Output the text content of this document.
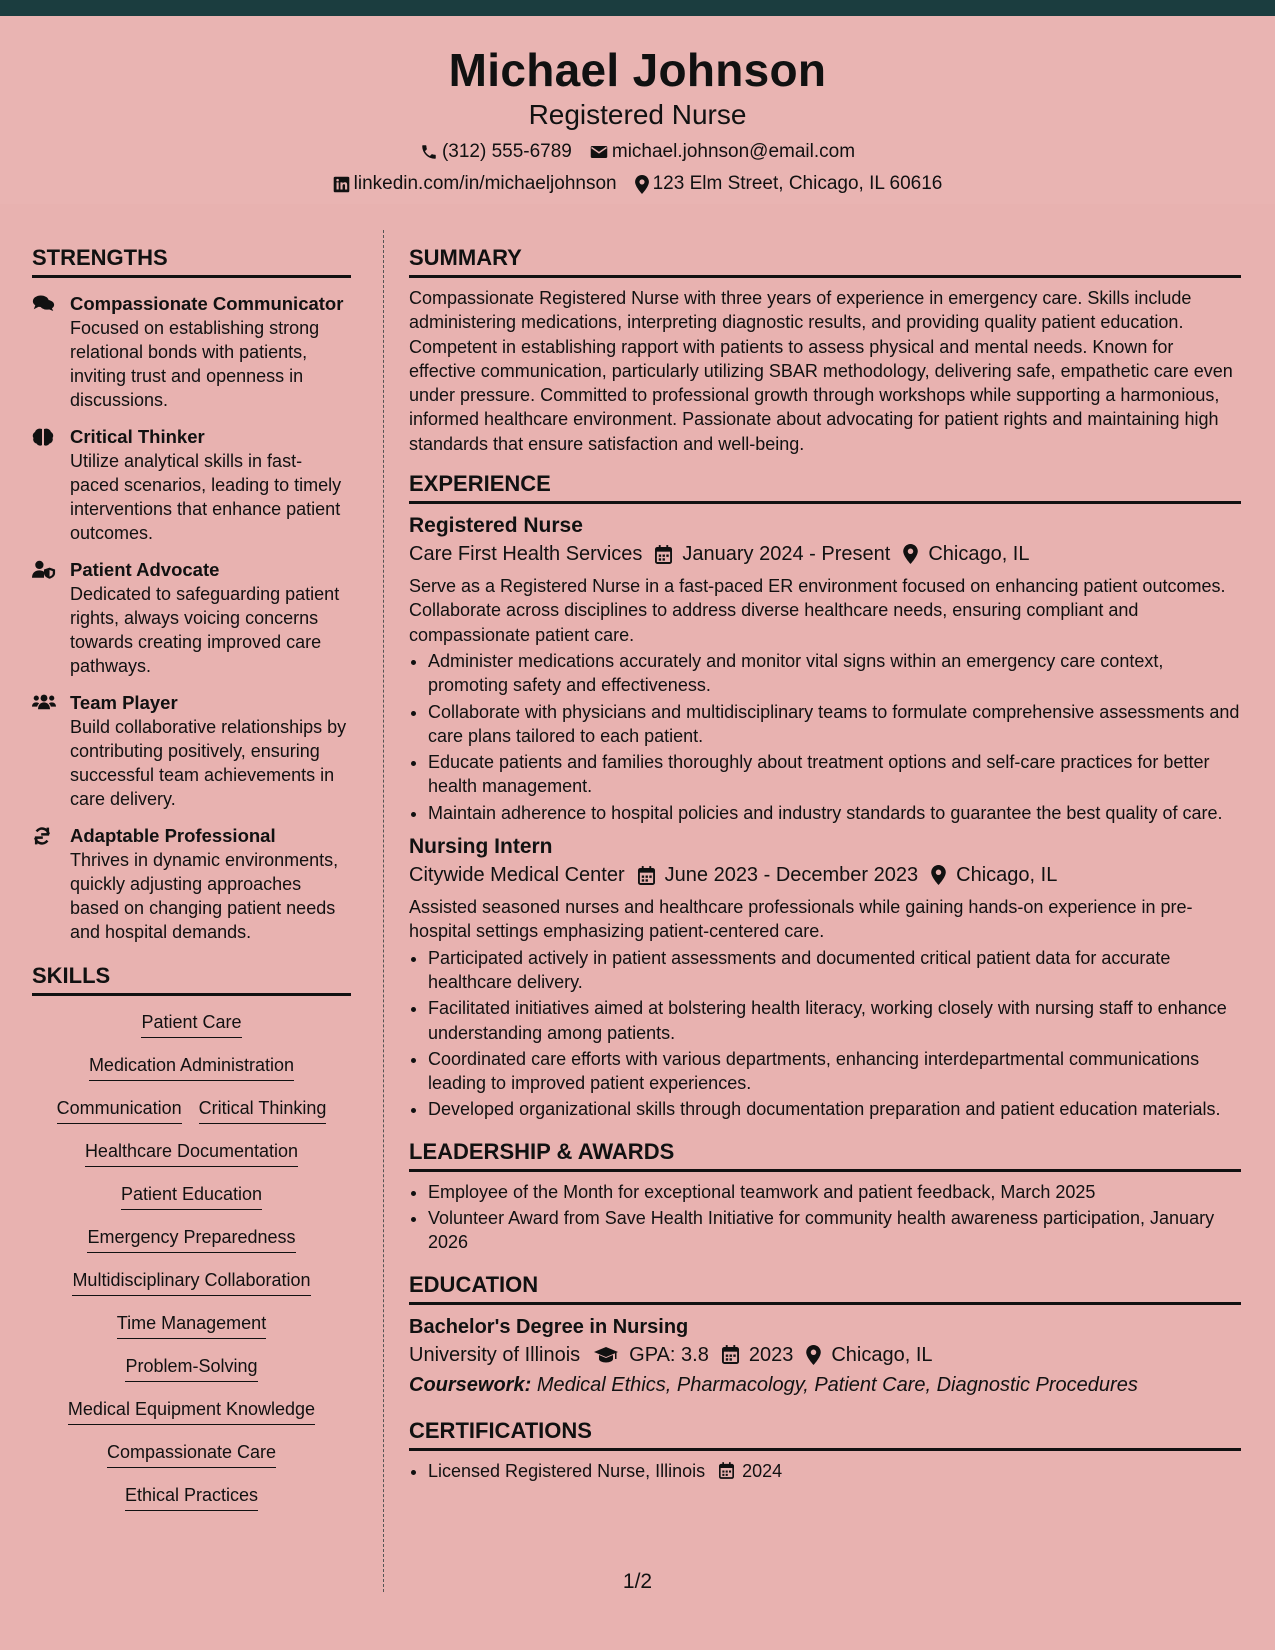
Michael Johnson
Registered Nurse
(312) 555-6789 michael.johnson@email.com
linkedin.com/in/michaeljohnson 123 Elm Street, Chicago, IL 60616
STRENGTHS
Compassionate Communicator
Focused on establishing strong relational bonds with patients, inviting trust and openness in discussions.
Critical Thinker
Utilize analytical skills in fast-paced scenarios, leading to timely interventions that enhance patient outcomes.
Patient Advocate
Dedicated to safeguarding patient rights, always voicing concerns towards creating improved care pathways.
Team Player
Build collaborative relationships by contributing positively, ensuring successful team achievements in care delivery.
Adaptable Professional
Thrives in dynamic environments, quickly adjusting approaches based on changing patient needs and hospital demands.
SKILLS
Patient Care
Medication Administration
Communication Critical Thinking
Healthcare Documentation
Patient Education
Emergency Preparedness
Multidisciplinary Collaboration
Time Management
Problem-Solving
Medical Equipment Knowledge
Compassionate Care
Ethical Practices
SUMMARY
Compassionate Registered Nurse with three years of experience in emergency care. Skills include administering medications, interpreting diagnostic results, and providing quality patient education. Competent in establishing rapport with patients to assess physical and mental needs. Known for effective communication, particularly utilizing SBAR methodology, delivering safe, empathetic care even under pressure. Committed to professional growth through workshops while supporting a harmonious, informed healthcare environment. Passionate about advocating for patient rights and maintaining high standards that ensure satisfaction and well-being.
EXPERIENCE
Registered Nurse
Care First Health Services January 2024 - Present Chicago, IL
Serve as a Registered Nurse in a fast-paced ER environment focused on enhancing patient outcomes. Collaborate across disciplines to address diverse healthcare needs, ensuring compliant and compassionate patient care.
• Administer medications accurately and monitor vital signs within an emergency care context, promoting safety and effectiveness.
• Collaborate with physicians and multidisciplinary teams to formulate comprehensive assessments and care plans tailored to each patient.
• Educate patients and families thoroughly about treatment options and self-care practices for better health management.
• Maintain adherence to hospital policies and industry standards to guarantee the best quality of care.
Nursing Intern
Citywide Medical Center June 2023 - December 2023 Chicago, IL
Assisted seasoned nurses and healthcare professionals while gaining hands-on experience in pre-hospital settings emphasizing patient-centered care.
• Participated actively in patient assessments and documented critical patient data for accurate healthcare delivery.
• Facilitated initiatives aimed at bolstering health literacy, working closely with nursing staff to enhance understanding among patients.
• Coordinated care efforts with various departments, enhancing interdepartmental communications leading to improved patient experiences.
• Developed organizational skills through documentation preparation and patient education materials.
LEADERSHIP & AWARDS
• Employee of the Month for exceptional teamwork and patient feedback, March 2025
• Volunteer Award from Save Health Initiative for community health awareness participation, January 2026
EDUCATION
Bachelor's Degree in Nursing
University of Illinois GPA: 3.8 2023 Chicago, IL
Coursework: Medical Ethics, Pharmacology, Patient Care, Diagnostic Procedures
CERTIFICATIONS
• Licensed Registered Nurse, Illinois 2024
1/2
